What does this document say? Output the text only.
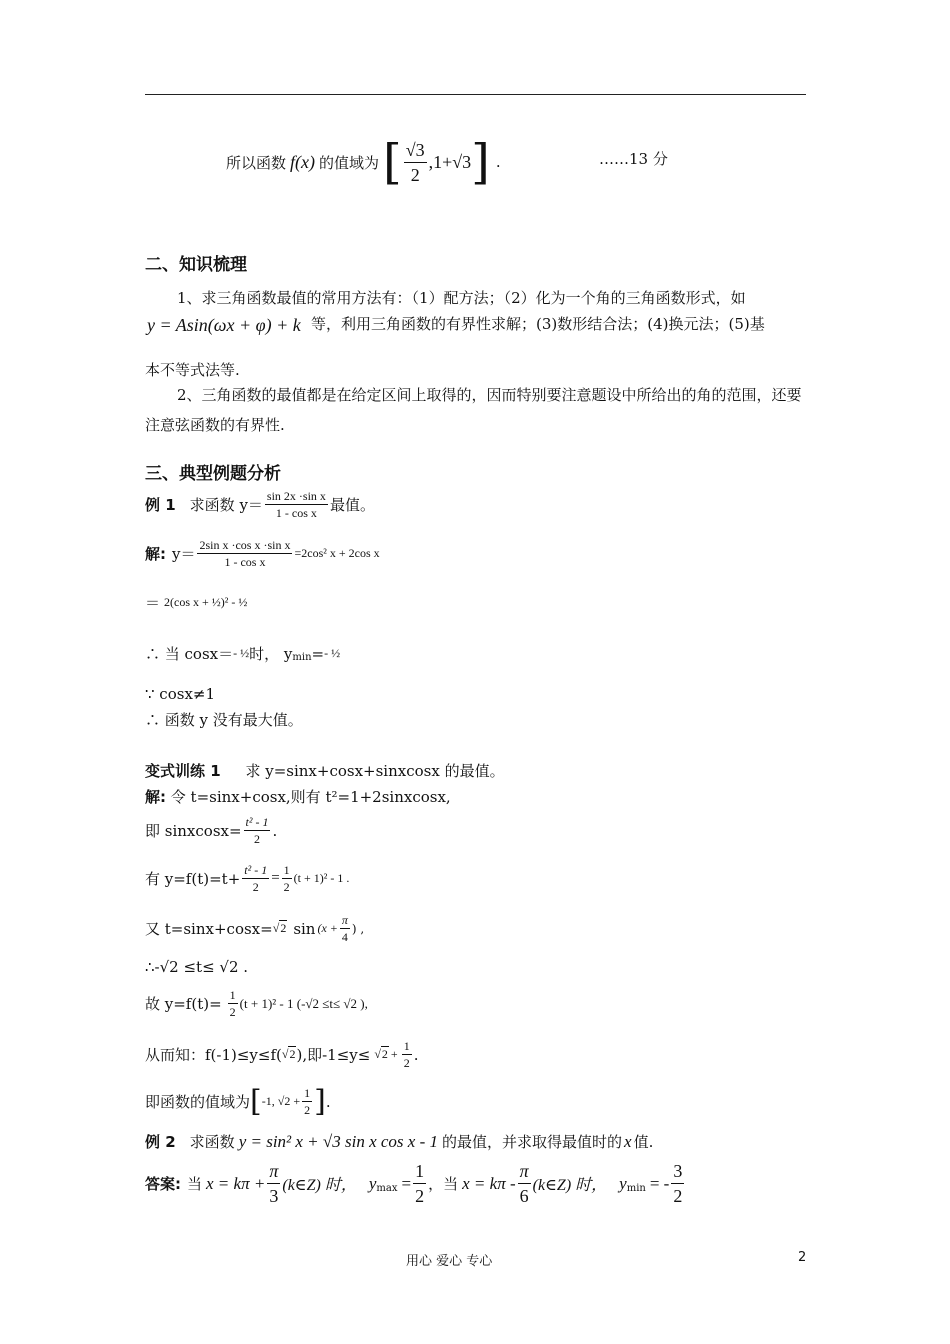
所以函数 f(x) 的值域为 [ $\frac{√3}{2} ,1+√3$ ] .	……13 分
二、知识梳理
1、求三角函数最值的常用方法有：（1）配方法；（2）化为一个角的三角函数形式，如
y = Asin(ωx + φ) + k 等，利用三角函数的有界性求解；(3)数形结合法；(4)换元法；(5)基
本不等式法等.
2、三角函数的最值都是在给定区间上取得的，因而特别要注意题设中所给出的角的范围，还要注意弦函数的有界性.
三、典型例题分析
例 1 求函数 $y= \frac{\text{sin 2x ·sin x}}{\text{1 - cos x}}$ 最值。
解: $y= \frac{\text{2sin x ·cos x ·sin x}}{\text{1 - cos x}} =2\cos^2$ x + 2cos x
＝ 2(cos x + ½)² - ½
∴ 当 cosx＝ - ½ 时， y min = - ½
∵ cosx≠1
∴ 函数 y 没有最大值。
变式训练 1 求 y=sinx+cosx+sinxcosx 的最值。
解: 令 t=sinx+cosx,则有 t²=1+2sinxcosx,
即 sinxcosx= $\frac{\text{t² - 1}}{2}$ .
有 $y=f(t)=t+ \frac{\text{t² - 1}}{2} = \frac{1}{2} (t + 1)^2 - 1$ .
又 t=sinx+cosx= √2 $\sin (x + \frac{\pi}{4}$ ) ,
∴-√2 ≤t≤ √2 .
故 $y=f(t)= \frac{1}{2} (t + 1)^2 - 1$ (-√2 ≤t≤ √2 ),
从而知：f(-1)≤y≤f( √2 ),即$-1\le y\le √2 + \frac{1}{2}$ .
即函数的值域为 [ -1, $√2 + \frac{1}{2}$ ] .
例 2 求函数 y = sin² x + √3 sin x cos x - 1 的最值，并求取得最值时的 x 值.
答案: 当 $x = k\pi + \frac{\pi}{3}$ (k∈Z) 时， y $\max = \frac{1}{2}$ ，当 $x = k\pi - \frac{\pi}{6}$ (k∈Z) 时， y min = - $\frac{3}{2}$
用心 爱心 专心	2
